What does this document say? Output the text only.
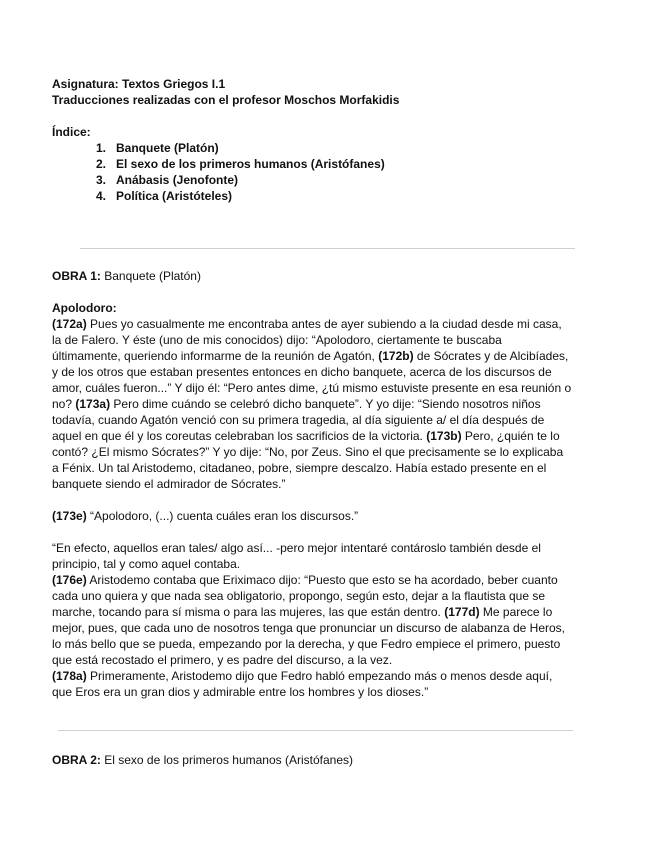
Asignatura: Textos Griegos I.1

Traducciones realizadas con el profesor Moschos Morfakidis

Índice:

1. Banquete (Platón)
2. El sexo de los primeros humanos (Aristófanes)
3. Anábasis (Jenofonte)
4. Política (Aristóteles)

OBRA 1: Banquete (Platón)

Apolodoro:

(172a) Pues yo casualmente me encontraba antes de ayer subiendo a la ciudad desde mi casa, la de Falero. Y éste (uno de mis conocidos) dijo: “Apolodoro, ciertamente te buscaba últimamente, queriendo informarme de la reunión de Agatón, (172b) de Sócrates y de Alcibíades, y de los otros que estaban presentes entonces en dicho banquete, acerca de los discursos de amor, cuáles fueron...” Y dijo él: “Pero antes dime, ¿tú mismo estuviste presente en esa reunión o no? (173a) Pero dime cuándo se celebró dicho banquete”. Y yo dije: “Siendo nosotros niños todavía, cuando Agatón venció con su primera tragedia, al día siguiente a/ el día después de aquel en que él y los coreutas celebraban los sacrificios de la victoria. (173b) Pero, ¿quién te lo contó? ¿El mismo Sócrates?” Y yo dije: “No, por Zeus. Sino el que precisamente se lo explicaba a Fénix. Un tal Aristodemo, citadaneo, pobre, siempre descalzo. Había estado presente en el banquete siendo el admirador de Sócrates.”

(173e) “Apolodoro, (...) cuenta cuáles eran los discursos.”

“En efecto, aquellos eran tales/ algo así... -pero mejor intentaré contároslo también desde el principio, tal y como aquel contaba.

(176e) Aristodemo contaba que Eriximaco dijo: “Puesto que esto se ha acordado, beber cuanto cada uno quiera y que nada sea obligatorio, propongo, según esto, dejar a la flautista que se marche, tocando para sí misma o para las mujeres, las que están dentro. (177d) Me parece lo mejor, pues, que cada uno de nosotros tenga que pronunciar un discurso de alabanza de Heros, lo más bello que se pueda, empezando por la derecha, y que Fedro empiece el primero, puesto que está recostado el primero, y es padre del discurso, a la vez.

(178a) Primeramente, Aristodemo dijo que Fedro habló empezando más o menos desde aquí, que Eros era un gran dios y admirable entre los hombres y los dioses.”

OBRA 2: El sexo de los primeros humanos (Aristófanes)
